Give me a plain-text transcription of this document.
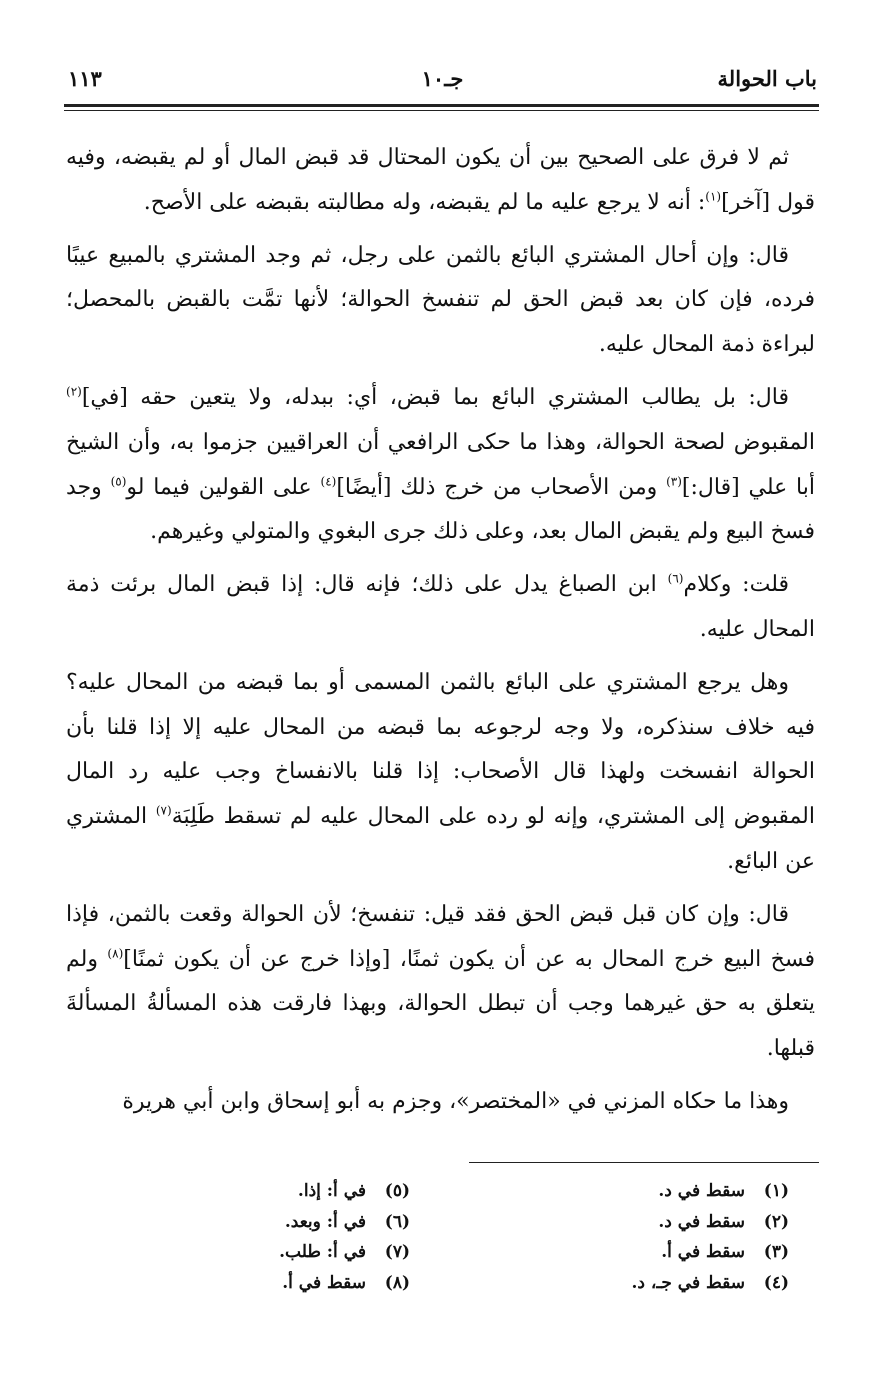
باب الحوالة
جـ١٠
١١٣

ثم لا فرق على الصحيح بين أن يكون المحتال قد قبض المال أو لم يقبضه، وفيه قول [آخر]$^{(١)}$: أنه لا يرجع عليه ما لم يقبضه، وله مطالبته بقبضه على الأصح.

قال: وإن أحال المشتري البائع بالثمن على رجل، ثم وجد المشتري بالمبيع عيبًا فرده، فإن كان بعد قبض الحق لم تنفسخ الحوالة؛ لأنها تمَّت بالقبض بالمحصل؛ لبراءة ذمة المحال عليه.

قال: بل يطالب المشتري البائع بما قبض، أي: ببدله، ولا يتعين حقه [في]$^{(٢)}$ المقبوض لصحة الحوالة، وهذا ما حكى الرافعي أن العراقيين جزموا به، وأن الشيخ أبا علي [قال:]$^{(٣)}$ ومن الأصحاب من خرج ذلك [أيضًا]$^{(٤)}$ على القولين فيما لو$^{(٥)}$ وجد فسخ البيع ولم يقبض المال بعد، وعلى ذلك جرى البغوي والمتولي وغيرهم.

قلت: وكلام$^{(٦)}$ ابن الصباغ يدل على ذلك؛ فإنه قال: إذا قبض المال برئت ذمة المحال عليه.

وهل يرجع المشتري على البائع بالثمن المسمى أو بما قبضه من المحال عليه؟ فيه خلاف سنذكره، ولا وجه لرجوعه بما قبضه من المحال عليه إلا إذا قلنا بأن الحوالة انفسخت ولهذا قال الأصحاب: إذا قلنا بالانفساخ وجب عليه رد المال المقبوض إلى المشتري، وإنه لو رده على المحال عليه لم تسقط طَلِبَة$^{(٧)}$ المشتري عن البائع.

قال: وإن كان قبل قبض الحق فقد قيل: تنفسخ؛ لأن الحوالة وقعت بالثمن، فإذا فسخ البيع خرج المحال به عن أن يكون ثمنًا، [وإذا خرج عن أن يكون ثمنًا]$^{(٨)}$ ولم يتعلق به حق غيرهما وجب أن تبطل الحوالة، وبهذا فارقت هذه المسألةُ المسألةَ قبلها.

وهذا ما حكاه المزني في «المختصر»، وجزم به أبو إسحاق وابن أبي هريرة

(١)سقط في د.
(٢)سقط في د.
(٣)سقط في أ.
(٤)سقط في جـ، د.
(٥)في أ: إذا.
(٦)في أ: وبعد.
(٧)في أ: طلب.
(٨)سقط في أ.
